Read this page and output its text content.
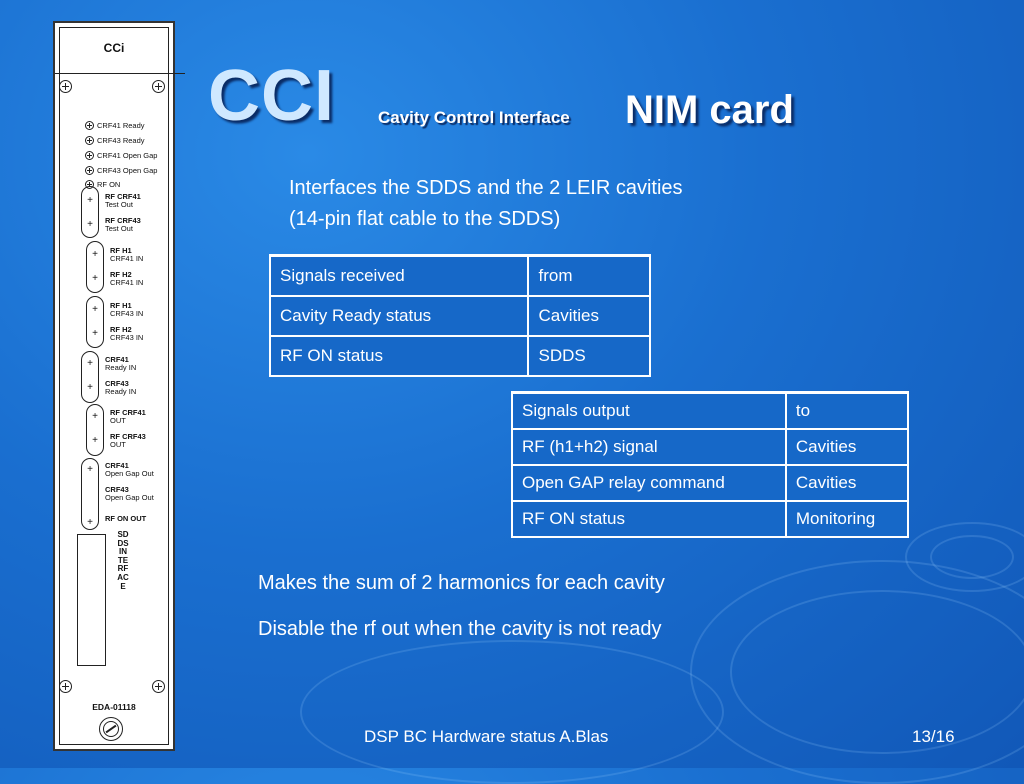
CCi
CRF41 Ready
CRF43 Ready
CRF41 Open Gap
CRF43 Open Gap
RF ON
+	RF CRF41
Test Out
+	RF CRF43
Test Out
+	RF H1
CRF41 IN
+	RF H2
CRF41 IN
+	RF H1
CRF43 IN
+	RF H2
CRF43 IN
+	CRF41
Ready IN
+	CRF43
Ready IN
+	RF CRF41
OUT
+	RF CRF43
OUT
+	CRF41
Open Gap Out
CRF43
Open Gap Out
+	RF ON OUT
SDDS INTERFACE
EDA-01118
CCI	Cavity Control Interface NIM card
Interfaces the SDDS and the 2 LEIR cavities
(14-pin flat cable to the SDDS)
Signals received	from
Cavity Ready status	Cavities
RF ON status	SDDS
Signals output	to
RF (h1+h2) signal	Cavities
Open GAP relay command	Cavities
RF ON status	Monitoring
Makes the sum of 2 harmonics for each cavity
Disable the rf out when the cavity is not ready
DSP BC Hardware status A.Blas	13/16
